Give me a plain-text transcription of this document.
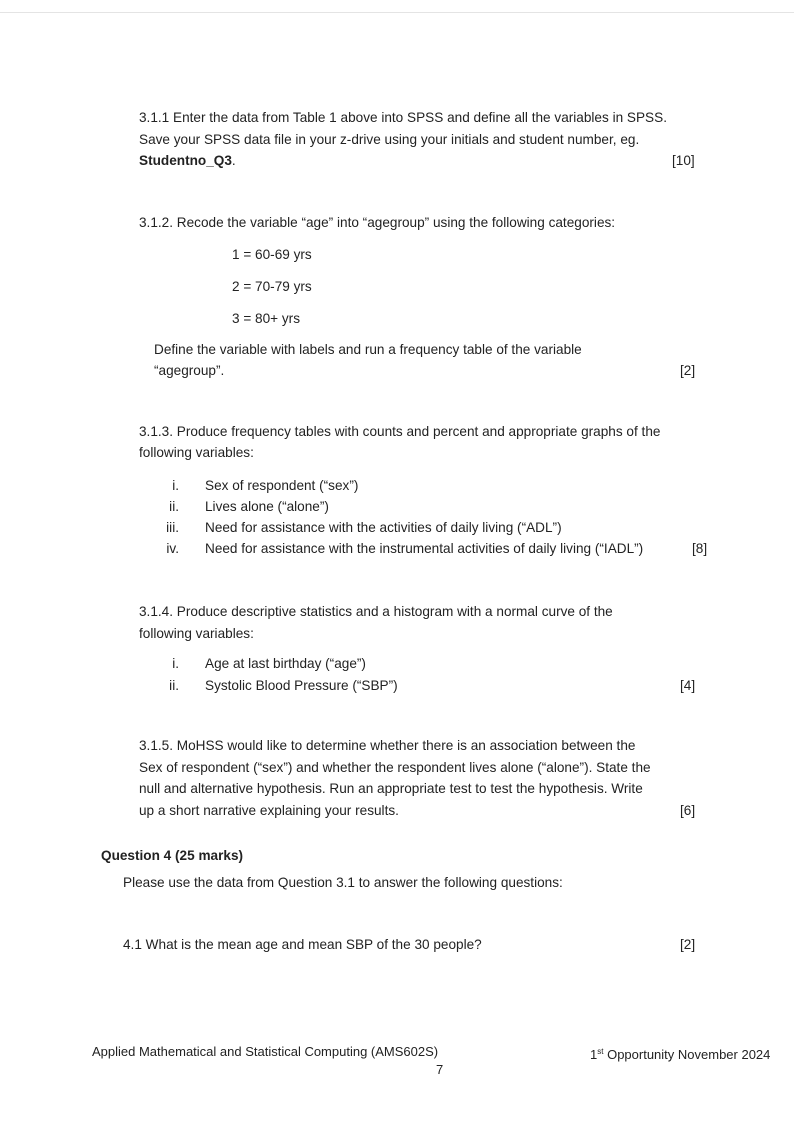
3.1.1 Enter the data from Table 1 above into SPSS and define all the variables in SPSS.
Save your SPSS data file in your z-drive using your initials and student number, eg.
Studentno_Q3.	[10]
3.1.2. Recode the variable “age” into “agegroup” using the following categories:
1 = 60-69 yrs
2 = 70-79 yrs
3 = 80+ yrs
Define the variable with labels and run a frequency table of the variable
“agegroup”.	[2]
3.1.3. Produce frequency tables with counts and percent and appropriate graphs of the
following variables:
i. Sex of respondent (“sex”)
ii. Lives alone (“alone”)
iii. Need for assistance with the activities of daily living (“ADL”)
iv. Need for assistance with the instrumental activities of daily living (“IADL”)	[8]
3.1.4. Produce descriptive statistics and a histogram with a normal curve of the
following variables:
i. Age at last birthday (“age”)
ii. Systolic Blood Pressure (“SBP”)	[4]
3.1.5. MoHSS would like to determine whether there is an association between the
Sex of respondent (“sex”) and whether the respondent lives alone (“alone”). State the
null and alternative hypothesis. Run an appropriate test to test the hypothesis. Write
up a short narrative explaining your results.	[6]
Question 4 (25 marks)
Please use the data from Question 3.1 to answer the following questions:
4.1 What is the mean age and mean SBP of the 30 people?	[2]
Applied Mathematical and Statistical Computing (AMS602S)	1st Opportunity November 2024
7
